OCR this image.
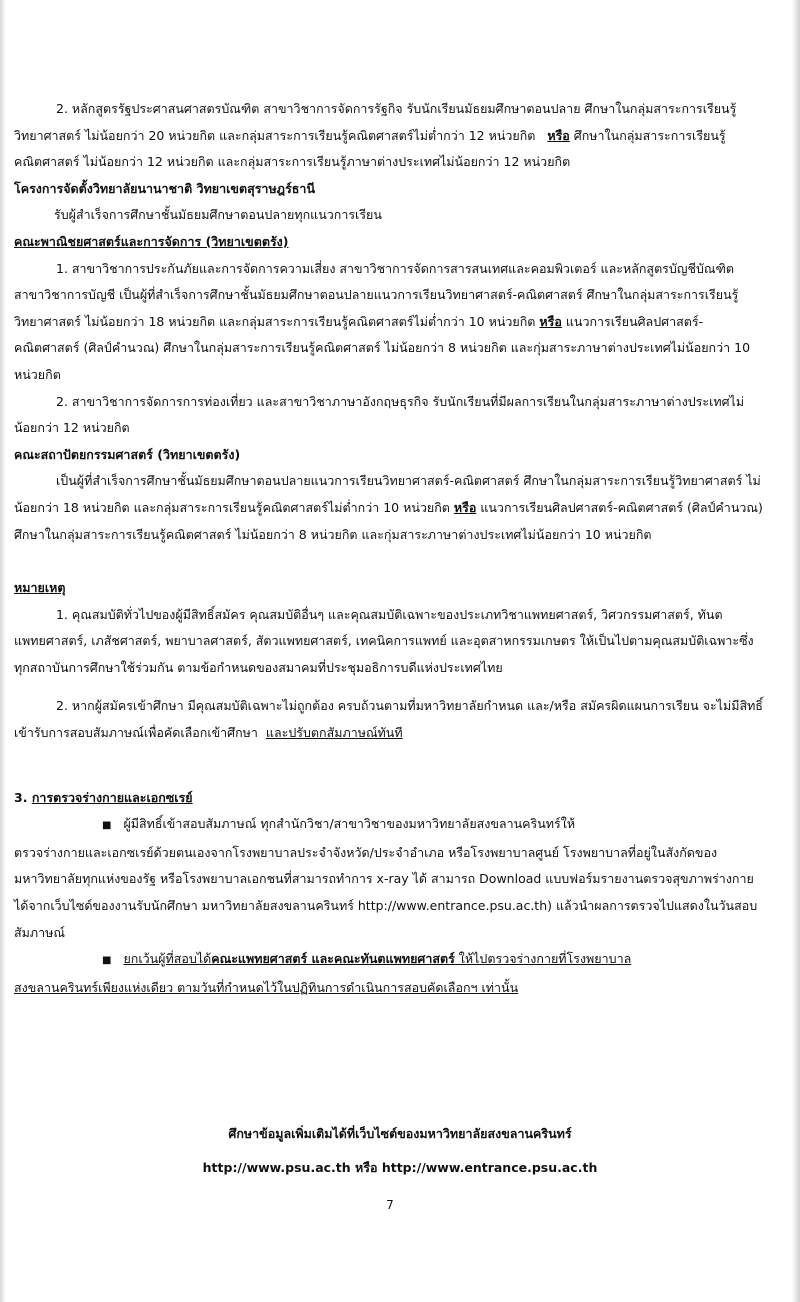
2. หลักสูตรรัฐประศาสนศาสตรบัณฑิต สาขาวิชาการจัดการรัฐกิจ รับนักเรียนมัธยมศึกษาตอนปลาย ศึกษาในกลุ่มสาระการเรียนรู้วิทยาศาสตร์ ไม่น้อยกว่า 20 หน่วยกิต และกลุ่มสาระการเรียนรู้คณิตศาสตร์ไม่ต่ำกว่า 12 หน่วยกิต หรือ ศึกษาในกลุ่มสาระการเรียนรู้คณิตศาสตร์ ไม่น้อยกว่า 12 หน่วยกิต และกลุ่มสาระการเรียนรู้ภาษาต่างประเทศไม่น้อยกว่า 12 หน่วยกิต

โครงการจัดตั้งวิทยาลัยนานาชาติ วิทยาเขตสุราษฎร์ธานี

รับผู้สำเร็จการศึกษาชั้นมัธยมศึกษาตอนปลายทุกแนวการเรียน

คณะพาณิชยศาสตร์และการจัดการ (วิทยาเขตตรัง)

1. สาขาวิชาการประกันภัยและการจัดการความเสี่ยง สาขาวิชาการจัดการสารสนเทศและคอมพิวเตอร์ และหลักสูตรบัญชีบัณฑิต สาขาวิชาการบัญชี เป็นผู้ที่สำเร็จการศึกษาชั้นมัธยมศึกษาตอนปลายแนวการเรียนวิทยาศาสตร์-คณิตศาสตร์ ศึกษาในกลุ่มสาระการเรียนรู้วิทยาศาสตร์ ไม่น้อยกว่า 18 หน่วยกิต และกลุ่มสาระการเรียนรู้คณิตศาสตร์ไม่ต่ำกว่า 10 หน่วยกิต หรือ แนวการเรียนศิลปศาสตร์-คณิตศาสตร์ (ศิลป์คำนวณ) ศึกษาในกลุ่มสาระการเรียนรู้คณิตศาสตร์ ไม่น้อยกว่า 8 หน่วยกิต และกุ่มสาระภาษาต่างประเทศไม่น้อยกว่า 10 หน่วยกิต

2. สาขาวิชาการจัดการการท่องเที่ยว และสาขาวิชาภาษาอังกฤษธุรกิจ รับนักเรียนที่มีผลการเรียนในกลุ่มสาระภาษาต่างประเทศไม่น้อยกว่า 12 หน่วยกิต

คณะสถาปัตยกรรมศาสตร์ (วิทยาเขตตรัง)

เป็นผู้ที่สำเร็จการศึกษาชั้นมัธยมศึกษาตอนปลายแนวการเรียนวิทยาศาสตร์-คณิตศาสตร์ ศึกษาในกลุ่มสาระการเรียนรู้วิทยาศาสตร์ ไม่น้อยกว่า 18 หน่วยกิต และกลุ่มสาระการเรียนรู้คณิตศาสตร์ไม่ต่ำกว่า 10 หน่วยกิต หรือ แนวการเรียนศิลปศาสตร์-คณิตศาสตร์ (ศิลป์คำนวณ) ศึกษาในกลุ่มสาระการเรียนรู้คณิตศาสตร์ ไม่น้อยกว่า 8 หน่วยกิต และกุ่มสาระภาษาต่างประเทศไม่น้อยกว่า 10 หน่วยกิต

หมายเหตุ

1. คุณสมบัติทั่วไปของผู้มีสิทธิ์สมัคร คุณสมบัติอื่นๆ และคุณสมบัติเฉพาะของประเภทวิชาแพทยศาสตร์, วิศวกรรมศาสตร์, ทันตแพทยศาสตร์, เภสัชศาสตร์, พยาบาลศาสตร์, สัตวแพทยศาสตร์, เทคนิคการแพทย์ และอุตสาหกรรมเกษตร ให้เป็นไปตามคุณสมบัติเฉพาะซึ่งทุกสถาบันการศึกษาใช้ร่วมกัน ตามข้อกำหนดของสมาคมที่ประชุมอธิการบดีแห่งประเทศไทย

2. หากผู้สมัครเข้าศึกษา มีคุณสมบัติเฉพาะไม่ถูกต้อง ครบถ้วนตามที่มหาวิทยาลัยกำหนด และ/หรือ สมัครผิดแผนการเรียน จะไม่มีสิทธิ์เข้ารับการสอบสัมภาษณ์เพื่อคัดเลือกเข้าศึกษา และปรับตกสัมภาษณ์ทันที

3. การตรวจร่างกายและเอกซเรย์

■ ผู้มีสิทธิ์เข้าสอบสัมภาษณ์ ทุกสำนักวิชา/สาขาวิชาของมหาวิทยาลัยสงขลานครินทร์ให้

ตรวจร่างกายและเอกซเรย์ด้วยตนเองจากโรงพยาบาลประจำจังหวัด/ประจำอำเภอ หรือโรงพยาบาลศูนย์ โรงพยาบาลที่อยู่ในสังกัดของมหาวิทยาลัยทุกแห่งของรัฐ หรือโรงพยาบาลเอกชนที่สามารถทำการ x-ray ได้ สามารถ Download แบบฟอร์มรายงานตรวจสุขภาพร่างกายได้จากเว็บไซด์ของงานรับนักศึกษา มหาวิทยาลัยสงขลานครินทร์ http://www.entrance.psu.ac.th) แล้วนำผลการตรวจไปแสดงในวันสอบสัมภาษณ์

■ ยกเว้นผู้ที่สอบได้คณะแพทยศาสตร์ และคณะทันตแพทยศาสตร์ ให้ไปตรวจร่างกายที่โรงพยาบาล

สงขลานครินทร์เพียงแห่งเดียว ตามวันที่กำหนดไว้ในปฏิทินการดำเนินการสอบคัดเลือกฯ เท่านั้น

ศึกษาข้อมูลเพิ่มเติมได้ที่เว็บไซต์ของมหาวิทยาลัยสงขลานครินทร์
http://www.psu.ac.th หรือ http://www.entrance.psu.ac.th
7
